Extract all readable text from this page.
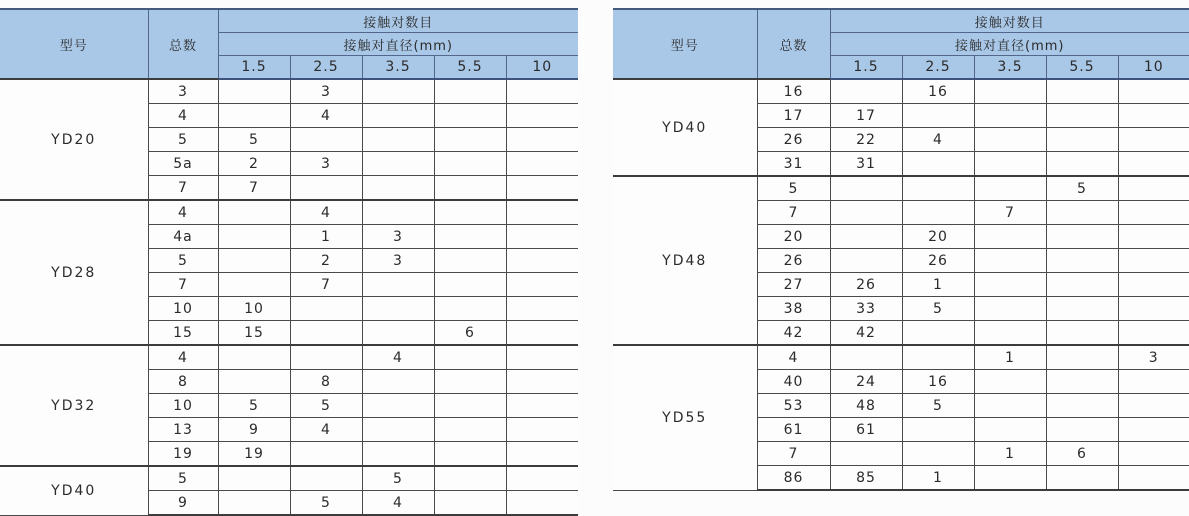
型号	总数	接触对数目				
		接触对直径(mm)				
		1.5	2.5	3.5	5.5	10
YD20	3		3			
	4		4			
	5	5				
	5a	2	3			
	7	7				
YD28	4		4			
	4a		1	3		
	5		2	3		
	7		7			
	10	10				
	15	15			6	
YD32	4			4		
	8		8			
	10	5	5			
	13	9	4			
	19	19				
YD40	5			5		
	9		5	4		
型号	总数	接触对数目				
		接触对直径(mm)				
		1.5	2.5	3.5	5.5	10
YD40	16		16			
	17	17				
	26	22	4			
	31	31				
YD48	5				5	
	7			7		
	20		20			
	26		26			
	27	26	1			
	38	33	5			
	42	42				
YD55	4			1		3
	40	24	16			
	53	48	5			
	61	61				
	7			1	6	
	86	85	1			
